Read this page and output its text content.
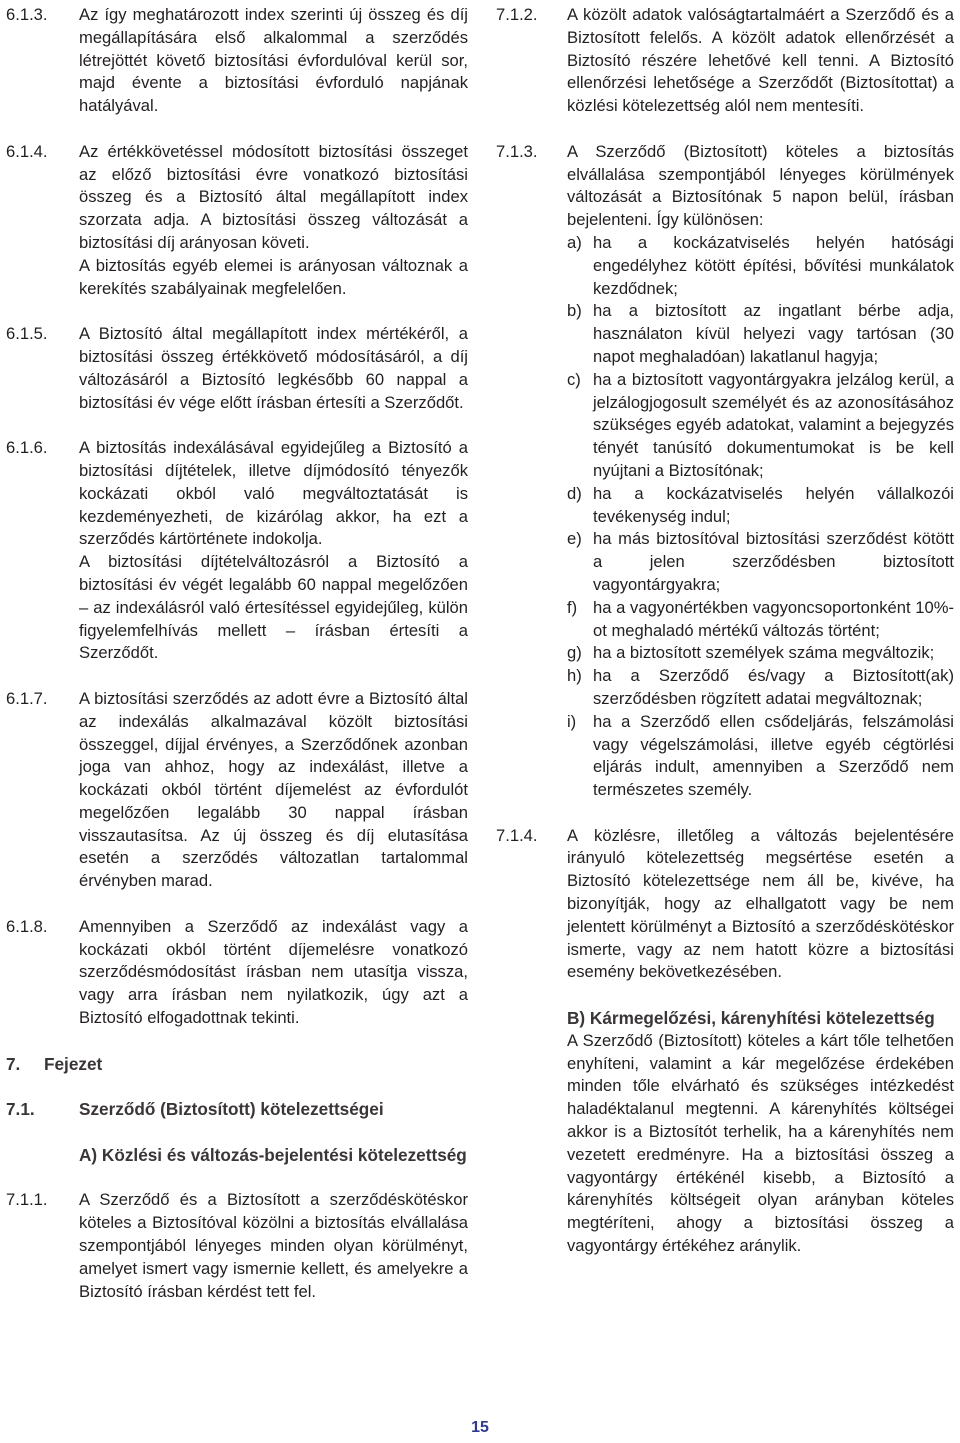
6.1.3.	Az így meghatározott index szerinti új összeg és díj megállapítására első alkalommal a szerződés létrejöttét követő biztosítási évfordulóval kerül sor, majd évente a biztosítási évforduló napjának hatályával.

6.1.4.	Az értékkövetéssel módosított biztosítási összeget az előző biztosítási évre vonatkozó biztosítási összeg és a Biztosító által megállapított index szorzata adja. A biztosítási összeg változását a biztosítási díj arányosan követi.

A biztosítás egyéb elemei is arányosan változnak a kerekítés szabályainak megfelelően.

6.1.5.	A Biztosító által megállapított index mértékéről, a biztosítási összeg értékkövető módosításáról, a díj változásáról a Biztosító legkésőbb 60 nappal a biztosítási év vége előtt írásban értesíti a Szerződőt.

6.1.6.	A biztosítás indexálásával egyidejűleg a Biztosító a biztosítási díjtételek, illetve díjmódosító tényezők kockázati okból való megváltoztatását is kezdeményezheti, de kizárólag akkor, ha ezt a szerződés kártörténete indokolja.

A biztosítási díjtételváltozásról a Biztosító a biztosítási év végét legalább 60 nappal megelőzően – az indexálásról való értesítéssel egyidejűleg, külön figyelemfelhívás mellett – írásban értesíti a Szerződőt.

6.1.7.	A biztosítási szerződés az adott évre a Biztosító által az indexálás alkalmazával közölt biztosítási összeggel, díjjal érvényes, a Szerződőnek azonban joga van ahhoz, hogy az indexálást, illetve a kockázati okból történt díjemelést az évfordulót megelőzően legalább 30 nappal írásban visszautasítsa. Az új összeg és díj elutasítása esetén a szerződés változatlan tartalommal érvényben marad.

6.1.8.	Amennyiben a Szerződő az indexálást vagy a kockázati okból történt díjemelésre vonatkozó szerződésmódosítást írásban nem utasítja vissza, vagy arra írásban nem nyilatkozik, úgy azt a Biztosító elfogadottnak tekinti.

7.	Fejezet
7.1.	Szerződő (Biztosított) kötelezettségei
A) Közlési és változás-bejelentési kötelezettség
7.1.1.	A Szerződő és a Biztosított a szerződéskötéskor köteles a Biztosítóval közölni a biztosítás elvállalása szempontjából lényeges minden olyan körülményt, amelyet ismert vagy ismernie kellett, és amelyekre a Biztosító írásban kérdést tett fel.

7.1.2.	A közölt adatok valóságtartalmáért a Szerződő és a Biztosított felelős. A közölt adatok ellenőrzését a Biztosító részére lehetővé kell tenni. A Biztosító ellenőrzési lehetősége a Szerződőt (Biztosítottat) a közlési kötelezettség alól nem mentesíti.

7.1.3.	A Szerződő (Biztosított) köteles a biztosítás elvállalása szempontjából lényeges körülmények változását a Biztosítónak 5 napon belül, írásban bejelenteni. Így különösen:

a) ha a kockázatviselés helyén hatósági engedélyhez kötött építési, bővítési munkálatok kezdődnek;
b) ha a biztosított az ingatlant bérbe adja, használaton kívül helyezi vagy tartósan (30 napot meghaladóan) lakatlanul hagyja;
c) ha a biztosított vagyontárgyakra jelzálog kerül, a jelzálogjogosult személyét és az azonosításához szükséges egyéb adatokat, valamint a bejegyzés tényét tanúsító dokumentumokat is be kell nyújtani a Biztosítónak;
d) ha a kockázatviselés helyén vállalkozói tevékenység indul;
e) ha más biztosítóval biztosítási szerződést kötött a jelen szerződésben biztosított vagyontárgyakra;
f) ha a vagyonértékben vagyoncsoportonként 10%-ot meghaladó mértékű változás történt;
g) ha a biztosított személyek száma megváltozik;
h) ha a Szerződő és/vagy a Biztosított(ak) szerződésben rögzített adatai megváltoznak;
i)	ha a Szerződő ellen csődeljárás, felszámolási vagy végelszámolási, illetve egyéb cégtörlési eljárás indult, amennyiben a Szerződő nem természetes személy.
7.1.4.	A közlésre, illetőleg a változás bejelentésére irányuló kötelezettség megsértése esetén a Biztosító kötelezettsége nem áll be, kivéve, ha bizonyítják, hogy az elhallgatott vagy be nem jelentett körülményt a Biztosító a szerződéskötéskor ismerte, vagy az nem hatott közre a biztosítási esemény bekövetkezésében.

B) Kármegelőzési, kárenyhítési kötelezettség
A Szerződő (Biztosított) köteles a kárt tőle telhetően enyhíteni, valamint a kár megelőzése érdekében minden tőle elvárható és szükséges intézkedést haladéktalanul megtenni. A kárenyhítés költségei akkor is a Biztosítót terhelik, ha a kárenyhítés nem vezetett eredményre. Ha a biztosítási összeg a vagyontárgy értékénél kisebb, a Biztosító a kárenyhítés költségeit olyan arányban köteles megtéríteni, ahogy a biztosítási összeg a vagyontárgy értékéhez aránylik.
15
